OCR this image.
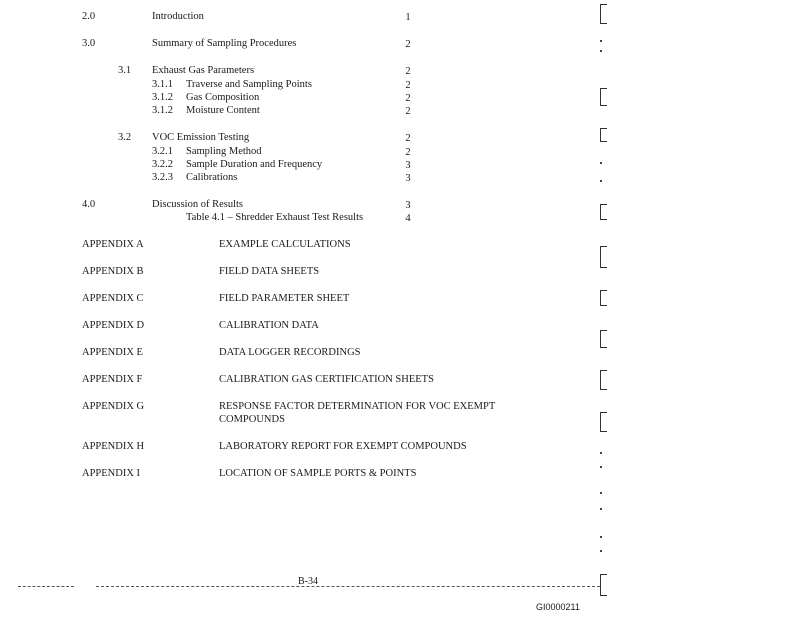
2.0	Introduction	1
3.0	Summary of Sampling Procedures	2
3.1 Exhaust Gas Parameters	2
3.1.1 Traverse and Sampling Points	2
3.1.2 Gas Composition	2
3.1.2 Moisture Content	2
3.2 VOC Emission Testing	2
3.2.1 Sampling Method	2
3.2.2 Sample Duration and Frequency	3
3.2.3 Calibrations	3
4.0	Discussion of Results	3
Table 4.1 – Shredder Exhaust Test Results	4
APPENDIX A	EXAMPLE CALCULATIONS
APPENDIX B	FIELD DATA SHEETS
APPENDIX C	FIELD PARAMETER SHEET
APPENDIX D	CALIBRATION DATA
APPENDIX E	DATA LOGGER RECORDINGS
APPENDIX F	CALIBRATION GAS CERTIFICATION SHEETS
APPENDIX G	RESPONSE FACTOR DETERMINATION FOR VOC EXEMPT
COMPOUNDS
APPENDIX H	LABORATORY REPORT FOR EXEMPT COMPOUNDS
APPENDIX I	LOCATION OF SAMPLE PORTS & POINTS
B-34
GI0000211
